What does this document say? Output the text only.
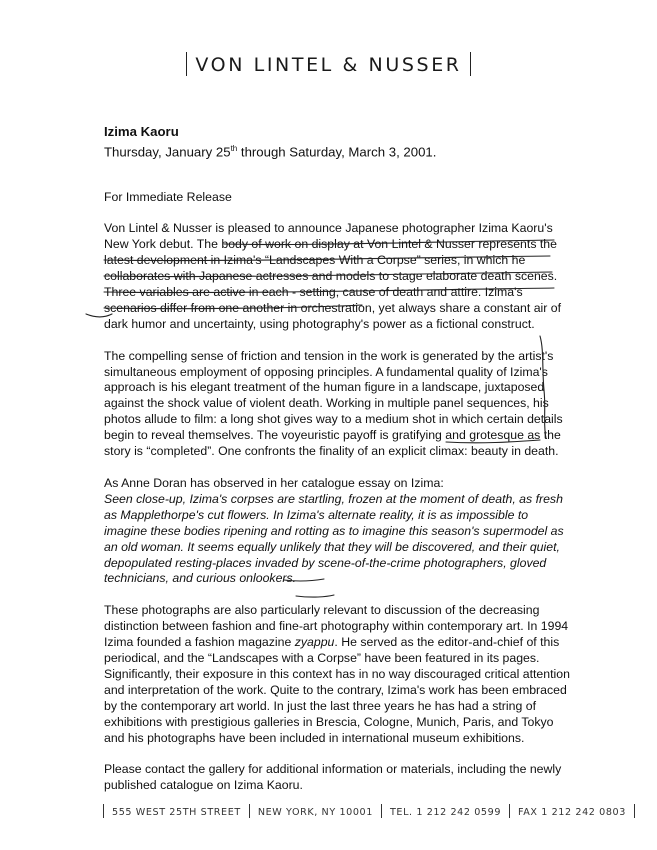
VON LINTEL & NUSSER

Izima Kaoru

Thursday, January 25th through Saturday, March 3, 2001.

For Immediate Release

Von Lintel & Nusser is pleased to announce Japanese photographer Izima Kaoru's New York debut. The body of work on display at Von Lintel & Nusser represents the latest development in Izima's “Landscapes With a Corpse” series, in which he collaborates with Japanese actresses and models to stage elaborate death scenes. Three variables are active in each - setting, cause of death and attire. Izima's scenarios differ from one another in orchestration, yet always share a constant air of dark humor and uncertainty, using photography's power as a fictional construct.

The compelling sense of friction and tension in the work is generated by the artist's simultaneous employment of opposing principles. A fundamental quality of Izima's approach is his elegant treatment of the human figure in a landscape, juxtaposed against the shock value of violent death. Working in multiple panel sequences, his photos allude to film: a long shot gives way to a medium shot in which certain details begin to reveal themselves. The voyeuristic payoff is gratifying and grotesque as the story is “completed”. One confronts the finality of an explicit climax: beauty in death.

As Anne Doran has observed in her catalogue essay on Izima:

Seen close-up, Izima's corpses are startling, frozen at the moment of death, as fresh as Mapplethorpe's cut flowers. In Izima's alternate reality, it is as impossible to imagine these bodies ripening and rotting as to imagine this season's supermodel as an old woman. It seems equally unlikely that they will be discovered, and their quiet, depopulated resting-places invaded by scene-of-the-crime photographers, gloved technicians, and curious onlookers.

These photographs are also particularly relevant to discussion of the decreasing distinction between fashion and fine-art photography within contemporary art. In 1994 Izima founded a fashion magazine zyappu. He served as the editor-and-chief of this periodical, and the “Landscapes with a Corpse” have been featured in its pages. Significantly, their exposure in this context has in no way discouraged critical attention and interpretation of the work. Quite to the contrary, Izima's work has been embraced by the contemporary art world. In just the last three years he has had a string of exhibitions with prestigious galleries in Brescia, Cologne, Munich, Paris, and Tokyo and his photographs have been included in international museum exhibitions.

Please contact the gallery for additional information or materials, including the newly published catalogue on Izima Kaoru.

555 WEST 25TH STREET NEW YORK, NY 10001 TEL. 1 212 242 0599 FAX 1 212 242 0803
